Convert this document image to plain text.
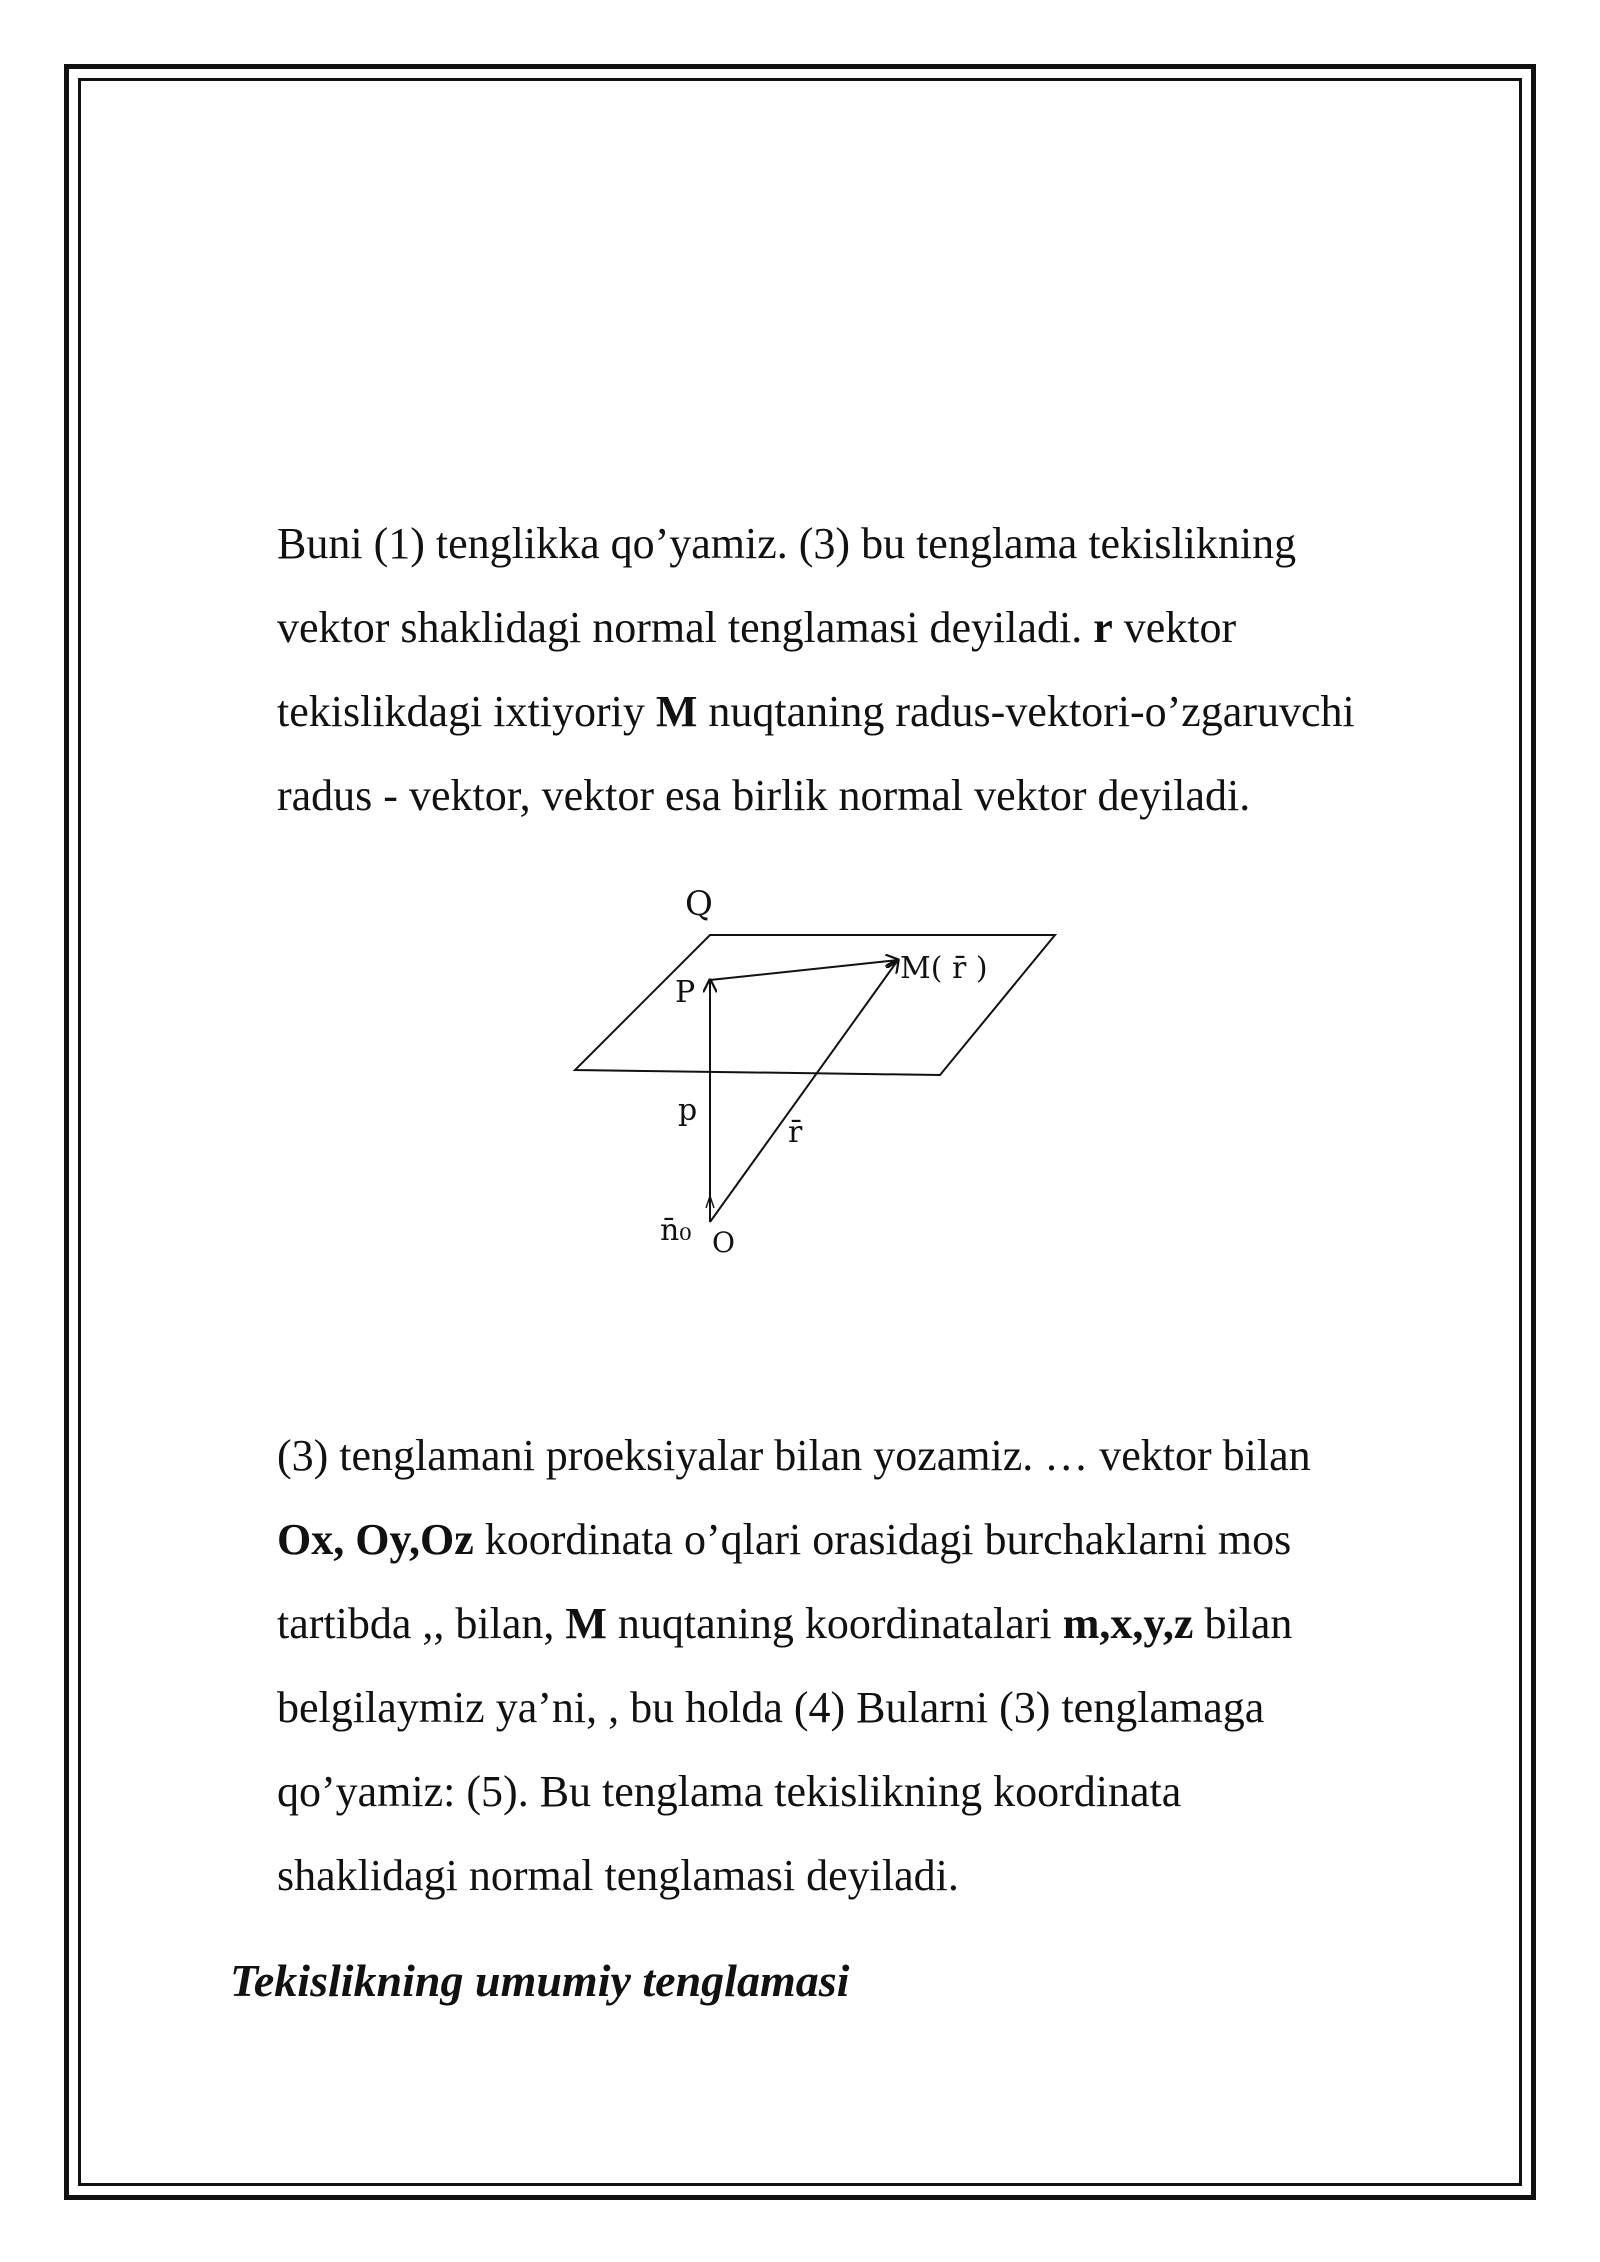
Buni (1) tenglikka qo’yamiz. (3) bu tenglama tekislikning
vektor shaklidagi normal tenglamasi deyiladi. r vektor
tekislikdagi ixtiyoriy M nuqtaning radus-vektori-o’zgaruvchi
radus - vektor, vektor esa birlik normal vektor deyiladi.

Q
P
M( r̄ )
p
r̄
n̄₀ O

(3) tenglamani proeksiyalar bilan yozamiz. … vektor bilan
Ox, Oy,Oz koordinata o’qlari orasidagi burchaklarni mos
tartibda ,, bilan, M nuqtaning koordinatalari m,x,y,z bilan
belgilaymiz ya’ni, , bu holda (4) Bularni (3) tenglamaga
qo’yamiz: (5). Bu tenglama tekislikning koordinata
shaklidagi normal tenglamasi deyiladi.

Tekislikning umumiy tenglamasi
